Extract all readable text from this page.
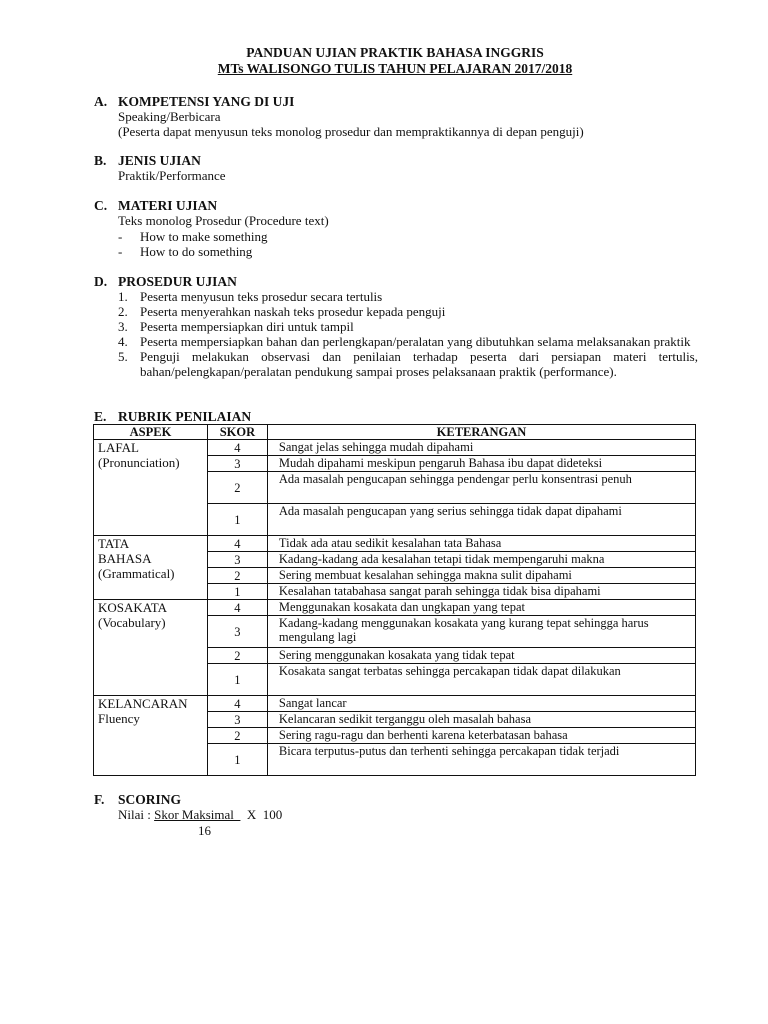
PANDUAN UJIAN PRAKTIK BAHASA INGGRIS
MTs WALISONGO TULIS TAHUN PELAJARAN 2017/2018
A. KOMPETENSI YANG DI UJI
Speaking/Berbicara
(Peserta dapat menyusun teks monolog prosedur dan mempraktikannya di depan penguji)
B. JENIS UJIAN
Praktik/Performance
C. MATERI UJIAN
Teks monolog Prosedur (Procedure text)
- How to make something
- How to do something
D. PROSEDUR UJIAN
1. Peserta menyusun teks prosedur secara tertulis
2. Peserta menyerahkan naskah teks prosedur kepada penguji
3. Peserta mempersiapkan diri untuk tampil
4. Peserta mempersiapkan bahan dan perlengkapan/peralatan yang dibutuhkan selama melaksanakan praktik
5. Penguji melakukan observasi dan penilaian terhadap peserta dari persiapan materi tertulis, bahan/pelengkapan/peralatan pendukung sampai proses pelaksanaan praktik (performance).
E. RUBRIK PENILAIAN
ASPEK	SKOR	KETERANGAN

LAFAL
(Pronunciation)	4	Sangat jelas sehingga mudah dipahami
	3	Mudah dipahami meskipun pengaruh Bahasa ibu dapat dideteksi
	2	Ada masalah pengucapan sehingga pendengar perlu konsentrasi penuh
	1	Ada masalah pengucapan yang serius sehingga tidak dapat dipahami

TATA
BAHASA
(Grammatical)	4	Tidak ada atau sedikit kesalahan tata Bahasa
	3	Kadang-kadang ada kesalahan tetapi tidak mempengaruhi makna
	2	Sering membuat kesalahan sehingga makna sulit dipahami
	1	Kesalahan tatabahasa sangat parah sehingga tidak bisa dipahami

KOSAKATA
(Vocabulary)	4	Menggunakan kosakata dan ungkapan yang tepat
	3	Kadang-kadang menggunakan kosakata yang kurang tepat sehingga harus mengulang lagi
	2	Sering menggunakan kosakata yang tidak tepat
	1	Kosakata sangat terbatas sehingga percakapan tidak dapat dilakukan

KELANCARAN
Fluency	4	Sangat lancar
	3	Kelancaran sedikit terganggu oleh masalah bahasa
	2	Sering ragu-ragu dan berhenti karena keterbatasan bahasa
	1	Bicara terputus-putus dan terhenti sehingga percakapan tidak terjadi
F. SCORING
Nilai : Skor Maksimal    X  100
16
